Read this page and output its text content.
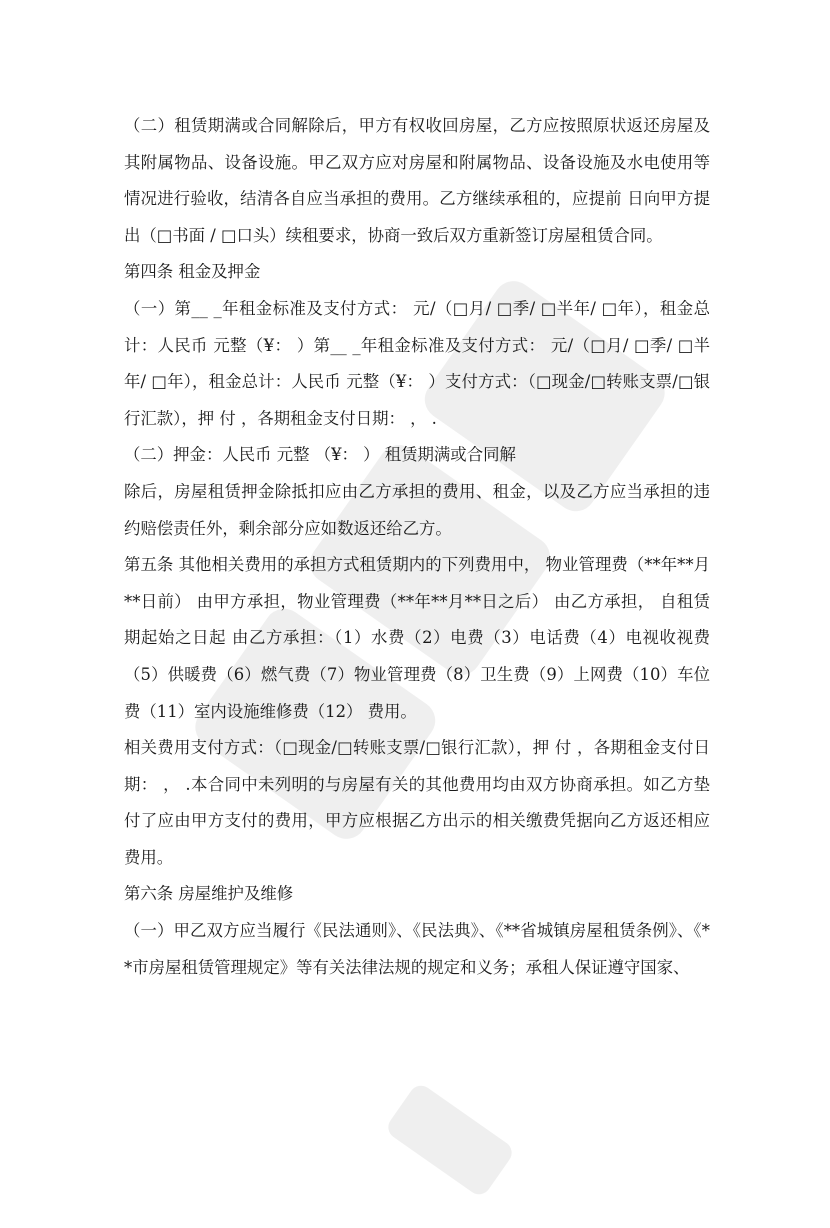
（二）租赁期满或合同解除后，甲方有权收回房屋，乙方应按照原状返还房屋及其附属物品、设备设施。甲乙双方应对房屋和附属物品、设备设施及水电使用等情况进行验收，结清各自应当承担的费用。乙方继续承租的，应提前 日向甲方提出（□书面 / □口头）续租要求，协商一致后双方重新签订房屋租赁合同。

第四条 租金及押金

（一）第__ _年租金标准及支付方式： 元/（□月/ □季/ □半年/ □年），租金总计：人民币 元整（¥： ）第__ _年租金标准及支付方式： 元/（□月/ □季/ □半年/ □年），租金总计：人民币 元整（¥： ）支付方式：（□现金/□转账支票/□银行汇款），押 付 ，各期租金支付日期： ， .

（二）押金：人民币 元整 （¥： ） 租赁期满或合同解

除后，房屋租赁押金除抵扣应由乙方承担的费用、租金，以及乙方应当承担的违约赔偿责任外，剩余部分应如数返还给乙方。

第五条 其他相关费用的承担方式租赁期内的下列费用中， 物业管理费（**年**月**日前） 由甲方承担，物业管理费（**年**月**日之后） 由乙方承担， 自租赁期起始之日起 由乙方承担：（1）水费（2）电费（3）电话费（4）电视收视费（5）供暖费（6）燃气费（7）物业管理费（8）卫生费（9）上网费（10）车位费（11）室内设施维修费（12） 费用。

相关费用支付方式：（□现金/□转账支票/□银行汇款），押 付 ，各期租金支付日期： ， .本合同中未列明的与房屋有关的其他费用均由双方协商承担。如乙方垫付了应由甲方支付的费用，甲方应根据乙方出示的相关缴费凭据向乙方返还相应费用。

第六条 房屋维护及维修

（一）甲乙双方应当履行《民法通则》、《民法典》、《**省城镇房屋租赁条例》、《**市房屋租赁管理规定》等有关法律法规的规定和义务；承租人保证遵守国家、
